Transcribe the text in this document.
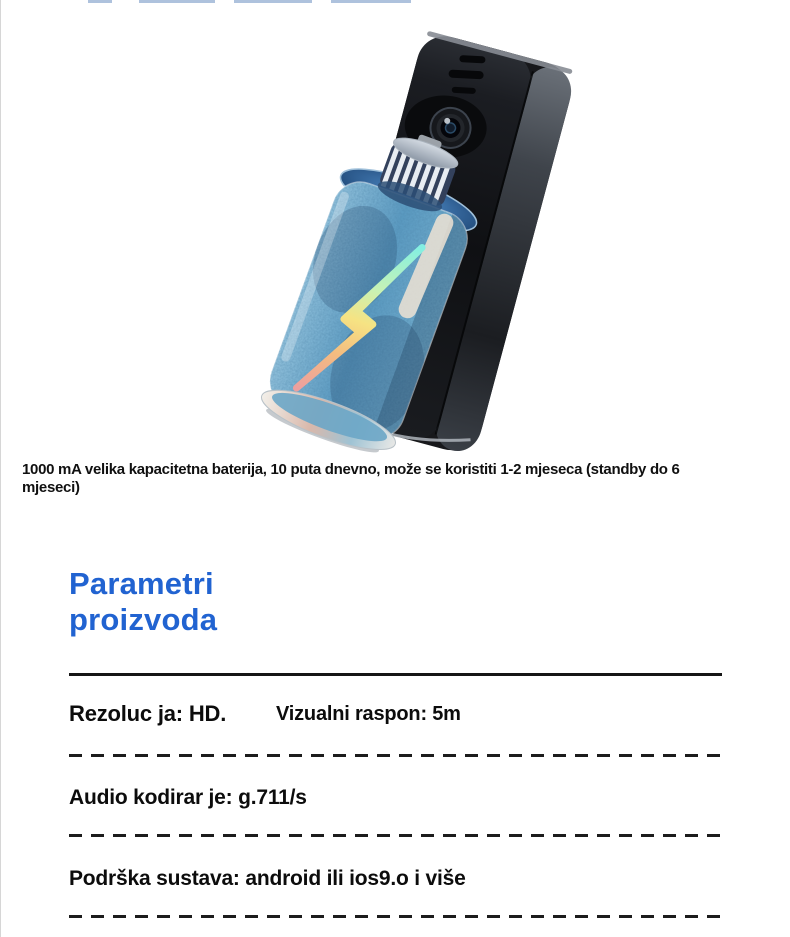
1000 mA velika kapacitetna baterija, 10 puta dnevno, može se koristiti 1-2 mjeseca (standby do 6
mjeseci)
Parametri proizvoda
Rezoluc ja: HD. Vizualni raspon: 5m
Audio kodirar je: g.711/s
Podrška sustava: android ili ios9.o i više
